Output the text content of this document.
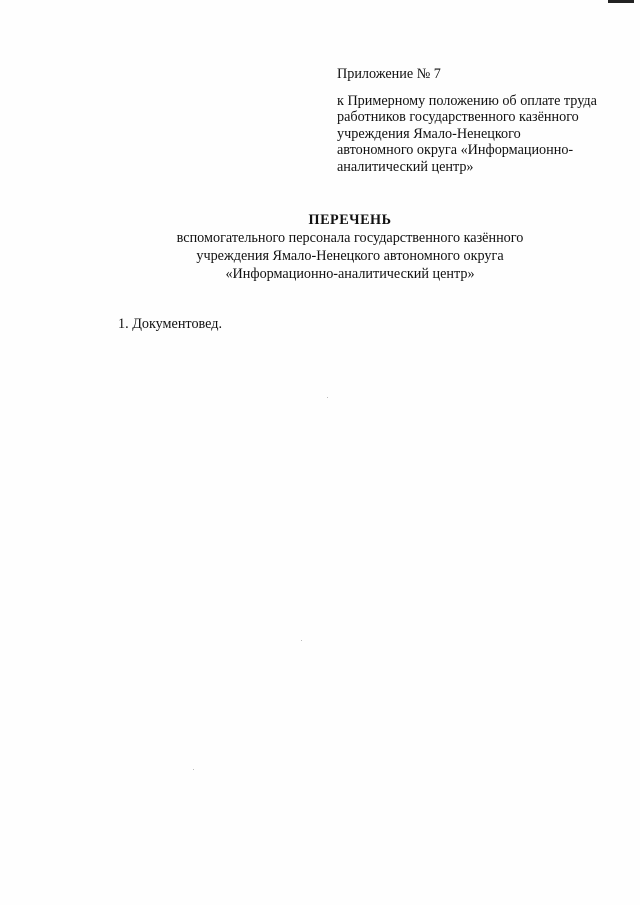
Приложение № 7

к Примерному положению об оплате труда
работников государственного казённого
учреждения Ямало-Ненецкого
автономного округа «Информационно-
аналитический центр»

ПЕРЕЧЕНЬ

вспомогательного персонала государственного казённого
учреждения Ямало-Ненецкого автономного округа
«Информационно-аналитический центр»

1. Документовед.
